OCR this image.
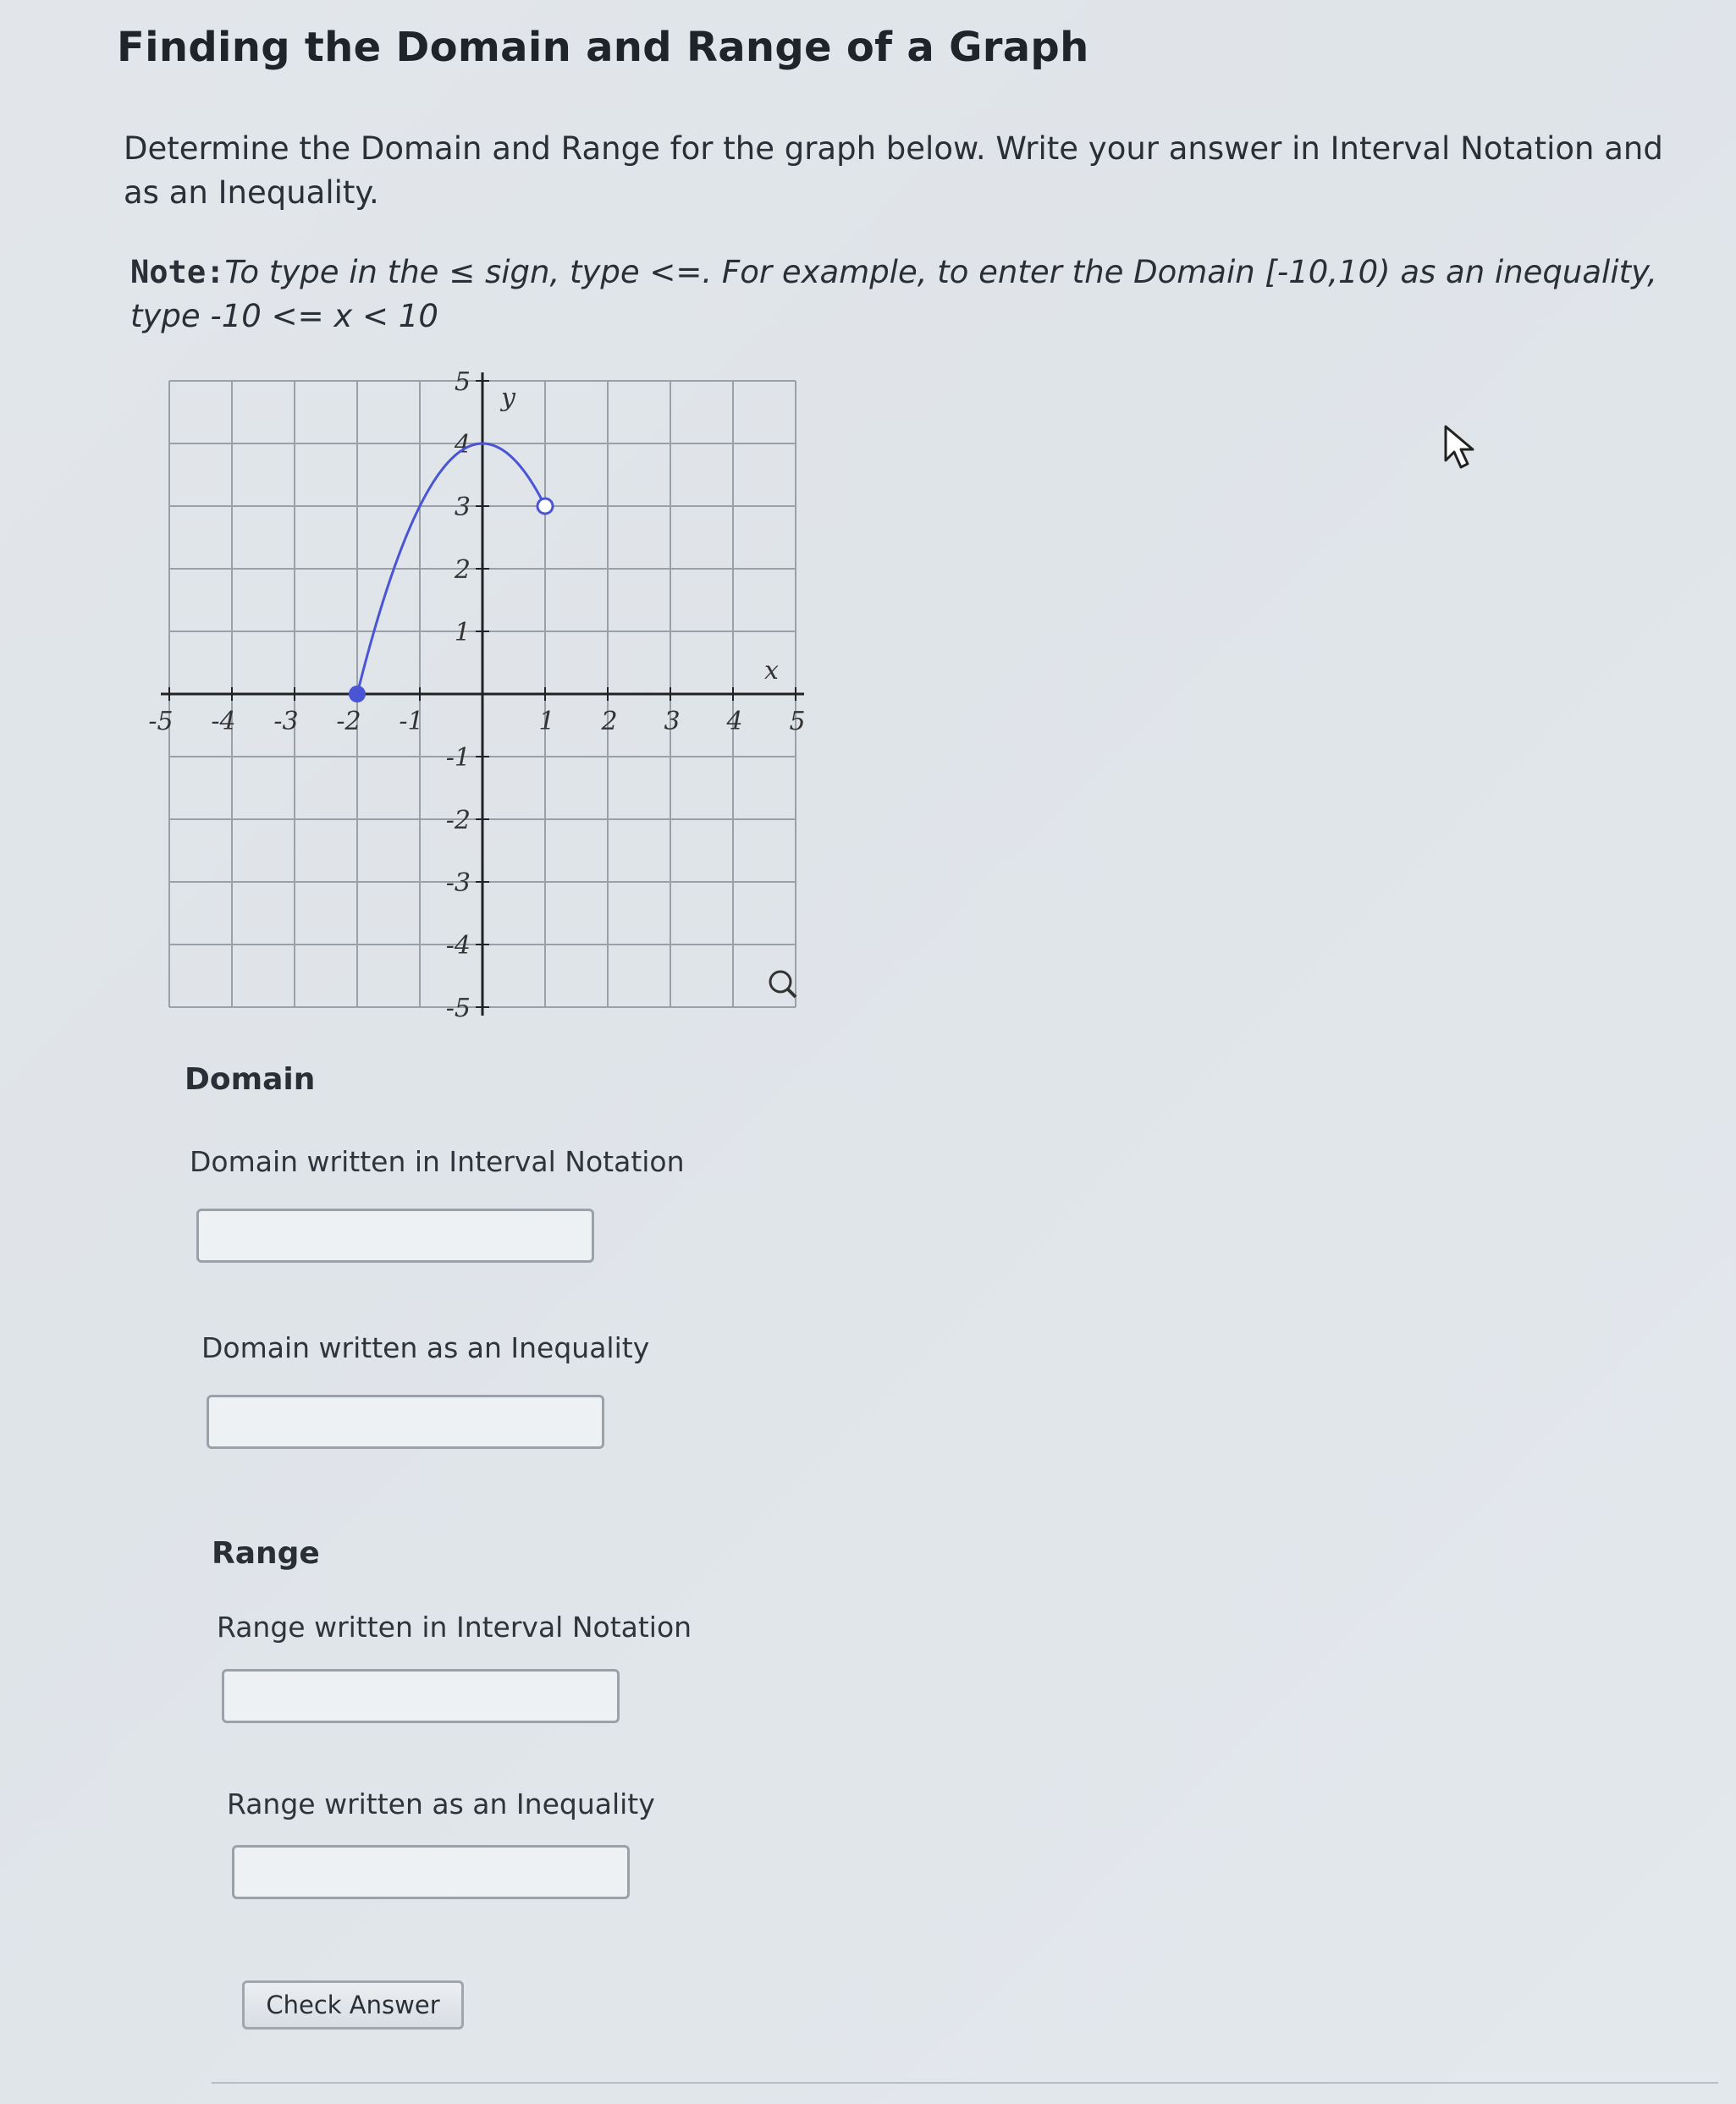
Finding the Domain and Range of a Graph
Determine the Domain and Range for the graph below. Write your answer in Interval Notation and as an Inequality.
Note:To type in the ≤ sign, type <=. For example, to enter the Domain [-10,10) as an inequality, type -10 <= x < 10
-5 -4 -3 -2 -1	1 2 3 4 5
5
4
3
2
1
-1
-2
-3
-4
-5
x
y
Domain
Domain written in Interval Notation
Domain written as an Inequality
Range
Range written in Interval Notation
Range written as an Inequality
Check Answer
